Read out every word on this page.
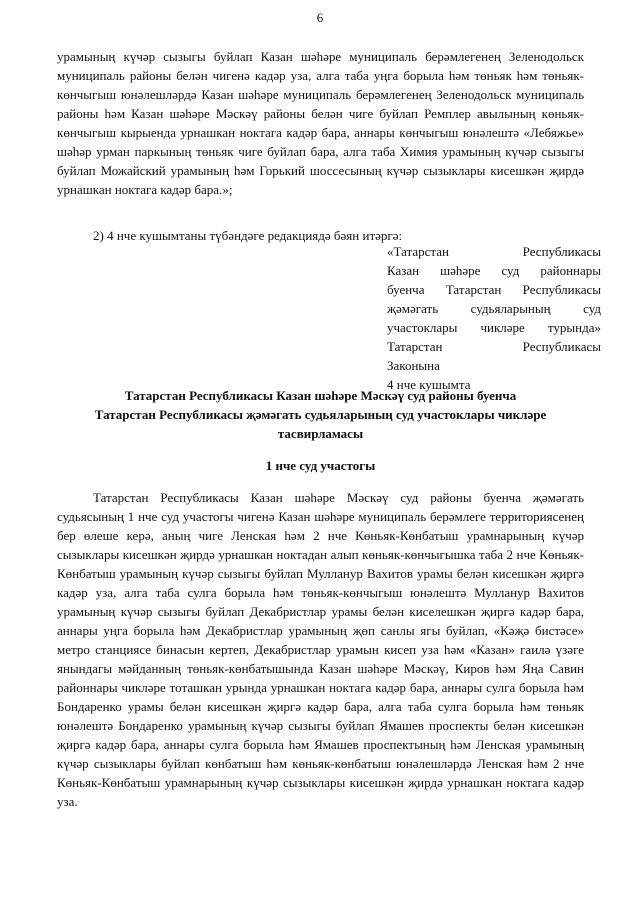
6
урамының күчәр сызыгы буйлап Казан шәһәре муниципаль берәмлегенең Зеленодольск муниципаль районы белән чигенә кадәр уза, алга таба уңга борыла һәм төньяк һәм төньяк-көнчыгыш юнәлешләрдә Казан шәһәре муниципаль берәмлегенең Зеленодольск муниципаль районы һәм Казан шәһәре Мәскәү районы белән чиге буйлап Ремплер авылының көньяк-көнчыгыш кырыенда урнашкан ноктага кадәр бара, аннары көнчыгыш юнәлештә «Лебяжье» шәһәр урман паркының төньяк чиге буйлап бара, алга таба Химия урамының күчәр сызыгы буйлап Можайский урамының һәм Горький шоссесының күчәр сызыклары кисешкән җирдә урнашкан ноктага кадәр бара.»;
2) 4 нче кушымтаны түбәндәге редакциядә бәян итәргә:
«Татарстан Республикасы
Казан шәһәре суд районнары
буенча Татарстан Республикасы
җәмәгать судьяларының суд
участоклары чикләре турында»
Татарстан Республикасы
Законына
4 нче кушымта
Татарстан Республикасы Казан шәһәре Мәскәү суд районы буенча
Татарстан Республикасы җәмәгать судьяларының суд участоклары чикләре
тасвирламасы
1 нче суд участогы
Татарстан Республикасы Казан шәһәре Мәскәү суд районы буенча җәмәгать судьясының 1 нче суд участогы чигенә Казан шәһәре муниципаль берәмлеге территориясенең бер өлеше керә, аның чиге Ленская һәм 2 нче Көньяк-Көнбатыш урамнарының күчәр сызыклары кисешкән җирдә урнашкан ноктадан алып көньяк-көнчыгышка таба 2 нче Көньяк-Көнбатыш урамының күчәр сызыгы буйлап Мулланур Вахитов урамы белән кисешкән җиргә кадәр уза, алга таба сулга борыла һәм төньяк-көнчыгыш юнәлештә Мулланур Вахитов урамының күчәр сызыгы буйлап Декабристлар урамы белән киселешкән җиргә кадәр бара, аннары уңга борыла һәм Декабристлар урамының җөп санлы ягы буйлап, «Кәҗә бистәсе» метро станциясе бинасын кертеп, Декабристлар урамын кисеп уза һәм «Казан» гаилә үзәге янындагы мәйданның төньяк-көнбатышында Казан шәһәре Мәскәү, Киров һәм Яңа Савин районнары чикләре тоташкан урында урнашкан ноктага кадәр бара, аннары сулга борыла һәм Бондаренко урамы белән кисешкән җиргә кадәр бара, алга таба сулга борыла һәм төньяк юнәлештә Бондаренко урамының күчәр сызыгы буйлап Ямашев проспекты белән кисешкән җиргә кадәр бара, аннары сулга борыла һәм Ямашев проспектының һәм Ленская урамының күчәр сызыклары буйлап көнбатыш һәм көньяк-көнбатыш юнәлешләрдә Ленская һәм 2 нче Көньяк-Көнбатыш урамнарының күчәр сызыклары кисешкән җирдә урнашкан ноктага кадәр уза.
